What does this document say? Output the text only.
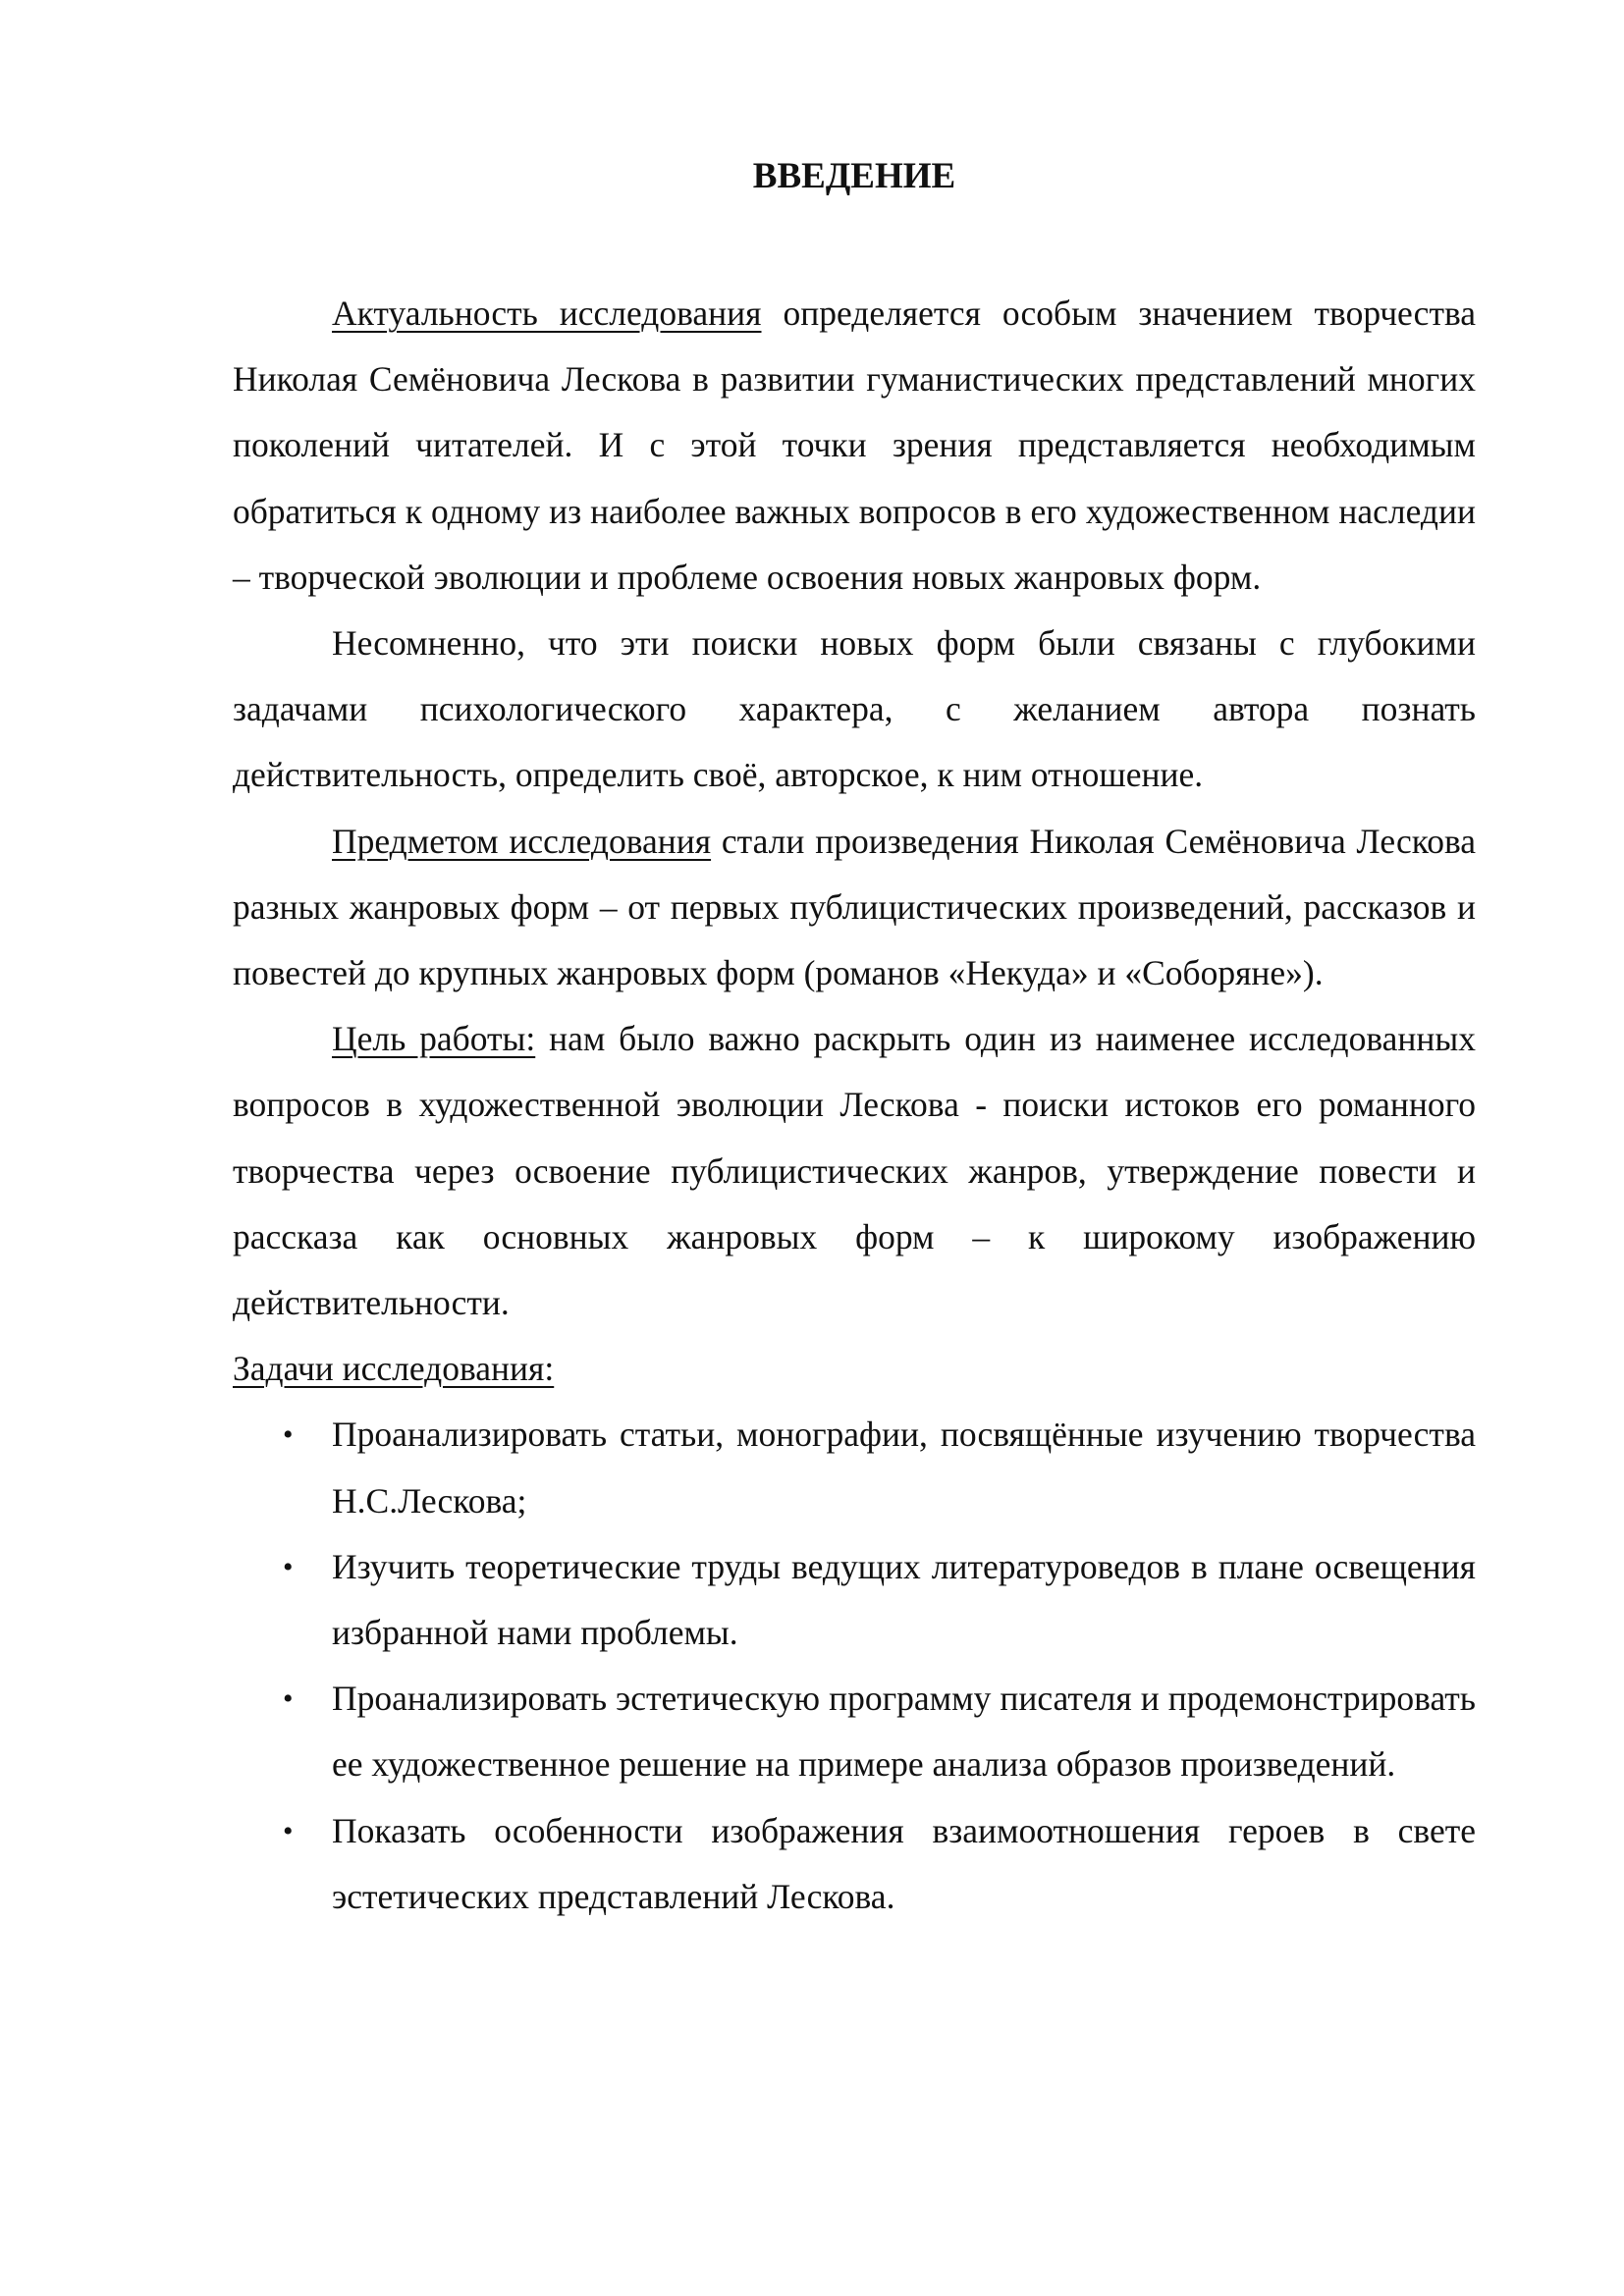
ВВЕДЕНИЕ

Актуальность исследования определяется особым значением творчества Николая Семёновича Лескова в развитии гуманистических представлений многих поколений читателей. И с этой точки зрения представляется необходимым обратиться к одному из наиболее важных вопросов в его художественном наследии – творческой эволюции и проблеме освоения новых жанровых форм.

Несомненно, что эти поиски новых форм были связаны с глубокими задачами психологического характера, с желанием автора познать действительность, определить своё, авторское, к ним отношение.

Предметом исследования стали произведения Николая Семёновича Лескова разных жанровых форм – от первых публицистических произведений, рассказов и повестей до крупных жанровых форм (романов «Некуда» и «Соборяне»).

Цель работы: нам было важно раскрыть один из наименее исследованных вопросов в художественной эволюции Лескова - поиски истоков его романного творчества через освоение публицистических жанров, утверждение повести и рассказа как основных жанровых форм – к широкому изображению действительности.

Задачи исследования:

• Проанализировать статьи, монографии, посвящённые изучению творчества Н.С.Лескова;
• Изучить теоретические труды ведущих литературоведов в плане освещения избранной нами проблемы.
• Проанализировать эстетическую программу писателя и продемонстрировать ее художественное решение на примере анализа образов произведений.
• Показать особенности изображения взаимоотношения героев в свете эстетических представлений Лескова.
